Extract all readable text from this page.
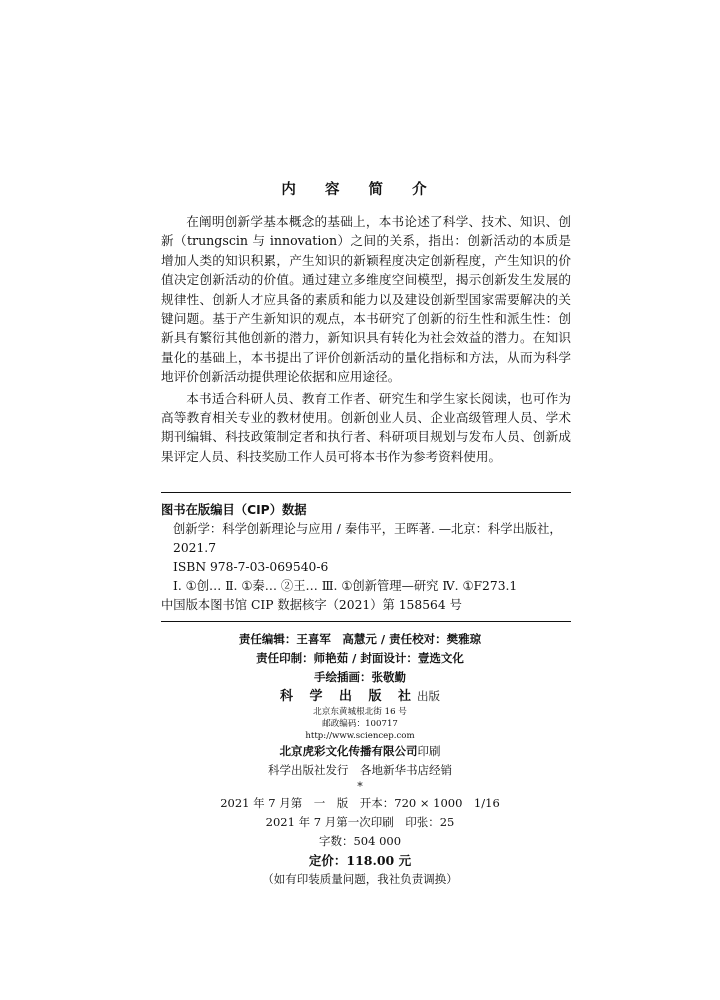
内 容 简 介

在阐明创新学基本概念的基础上，本书论述了科学、技术、知识、创新（trungscin 与 innovation）之间的关系，指出：创新活动的本质是增加人类的知识积累，产生知识的新颖程度决定创新程度，产生知识的价值决定创新活动的价值。通过建立多维度空间模型，揭示创新发生发展的规律性、创新人才应具备的素质和能力以及建设创新型国家需要解决的关键问题。基于产生新知识的观点，本书研究了创新的衍生性和派生性：创新具有繁衍其他创新的潜力，新知识具有转化为社会效益的潜力。在知识量化的基础上，本书提出了评价创新活动的量化指标和方法，从而为科学地评价创新活动提供理论依据和应用途径。

本书适合科研人员、教育工作者、研究生和学生家长阅读，也可作为高等教育相关专业的教材使用。创新创业人员、企业高级管理人员、学术期刊编辑、科技政策制定者和执行者、科研项目规划与发布人员、创新成果评定人员、科技奖励工作人员可将本书作为参考资料使用。

图书在版编目（CIP）数据
创新学：科学创新理论与应用 / 秦伟平，王晖著. —北京：科学出版社，
2021.7
ISBN 978-7-03-069540-6
Ⅰ. ①创… Ⅱ. ①秦… ②王… Ⅲ. ①创新管理—研究 Ⅳ. ①F273.1
中国版本图书馆 CIP 数据核字（2021）第 158564 号
责任编辑：王喜军　高慧元 / 责任校对：樊雅琼
责任印制：师艳茹 / 封面设计：壹选文化
手绘插画：张敬勤
科 学 出 版 社出版
北京东黄城根北街 16 号
邮政编码：100717
http://www.sciencep.com
北京虎彩文化传播有限公司印刷
科学出版社发行　各地新华书店经销
*
2021 年 7 月第　一　版　开本：720 × 1000　1/16
2021 年 7 月第一次印刷　印张：25
字数：504 000
定价：118.00 元
（如有印装质量问题，我社负责调换）
